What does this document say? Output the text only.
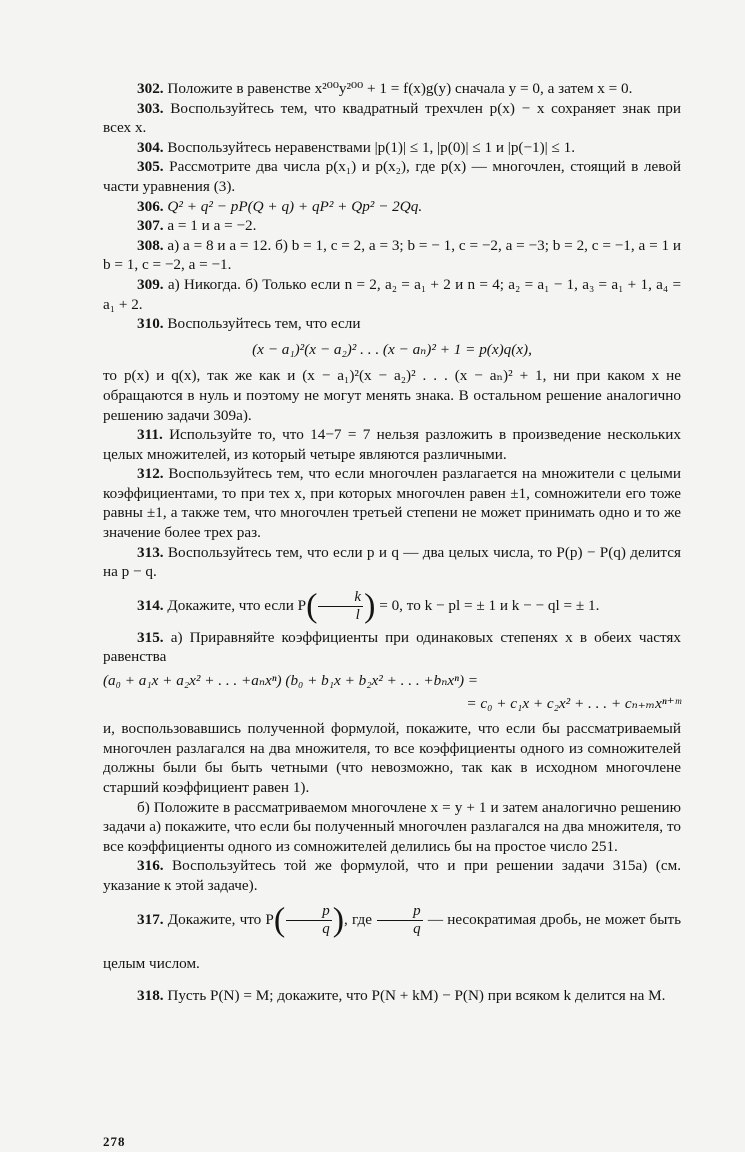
302. Положите в равенстве x²⁰⁰y²⁰⁰ + 1 = f(x)g(y) сначала y = 0, а затем x = 0.

303. Воспользуйтесь тем, что квадратный трехчлен p(x) − x сохраняет знак при всех x.

304. Воспользуйтесь неравенствами |p(1)| ≤ 1, |p(0)| ≤ 1 и |p(−1)| ≤ 1.

305. Рассмотрите два числа p(x₁) и p(x₂), где p(x) — многочлен, стоящий в левой части уравнения (3).

306. Q² + q² − pP(Q + q) + qP² + Qp² − 2Qq.

307. a = 1 и a = −2.

308. а) a = 8 и a = 12. б) b = 1, c = 2, a = 3; b = − 1, c = −2, a = −3; b = 2, c = −1, a = 1 и b = 1, c = −2, a = −1.

309. а) Никогда. б) Только если n = 2, a₂ = a₁ + 2 и n = 4; a₂ = a₁ − 1, a₃ = a₁ + 1, a₄ = a₁ + 2.

310. Воспользуйтесь тем, что если

(x − a₁)²(x − a₂)² . . . (x − aₙ)² + 1 = p(x)q(x),

то p(x) и q(x), так же как и (x − a₁)²(x − a₂)² . . . (x − aₙ)² + 1, ни при каком x не обращаются в нуль и поэтому не могут менять знака. В остальном решение аналогично решению задачи 309а).

311. Используйте то, что 14−7 = 7 нельзя разложить в произведение нескольких целых множителей, из который четыре являются различными.

312. Воспользуйтесь тем, что если многочлен разлагается на множители с целыми коэффициентами, то при тех x, при которых многочлен равен ±1, сомножители его тоже равны ±1, а также тем, что многочлен третьей степени не может принимать одно и то же значение более трех раз.

313. Воспользуйтесь тем, что если p и q — два целых числа, то P(p) − P(q) делится на p − q.

314. Докажите, что если $P( \frac{k}{l}$ ) = 0, то k − pl = ± 1 и k − − ql = ± 1.

315. а) Приравняйте коэффициенты при одинаковых степенях x в обеих частях равенства

(a₀ + a₁x + a₂x² + . . . +aₙxⁿ) (b₀ + b₁x + b₂x² + . . . +bₙxⁿ) =

= c₀ + c₁x + c₂x² + . . . + cₙ₊ₘxⁿ⁺ᵐ

и, воспользовавшись полученной формулой, покажите, что если бы рассматриваемый многочлен разлагался на два множителя, то все коэффициенты одного из сомножителей должны были бы быть четными (что невозможно, так как в исходном многочлене старший коэффициент равен 1).

б) Положите в рассматриваемом многочлене x = y + 1 и затем аналогично решению задачи а) покажите, что если бы полученный многочлен разлагался на два множителя, то все коэффициенты одного из сомножителей делились бы на простое число 251.

316. Воспользуйтесь той же формулой, что и при решении задачи 315а) (см. указание к этой задаче).

317. Докажите, что $P( \frac{p}{q}$ ), где $\frac{p}{q}$ — несократимая дробь, не может быть целым числом.

318. Пусть P(N) = M; докажите, что P(N + kM) − P(N) при всяком k делится на M.

278
